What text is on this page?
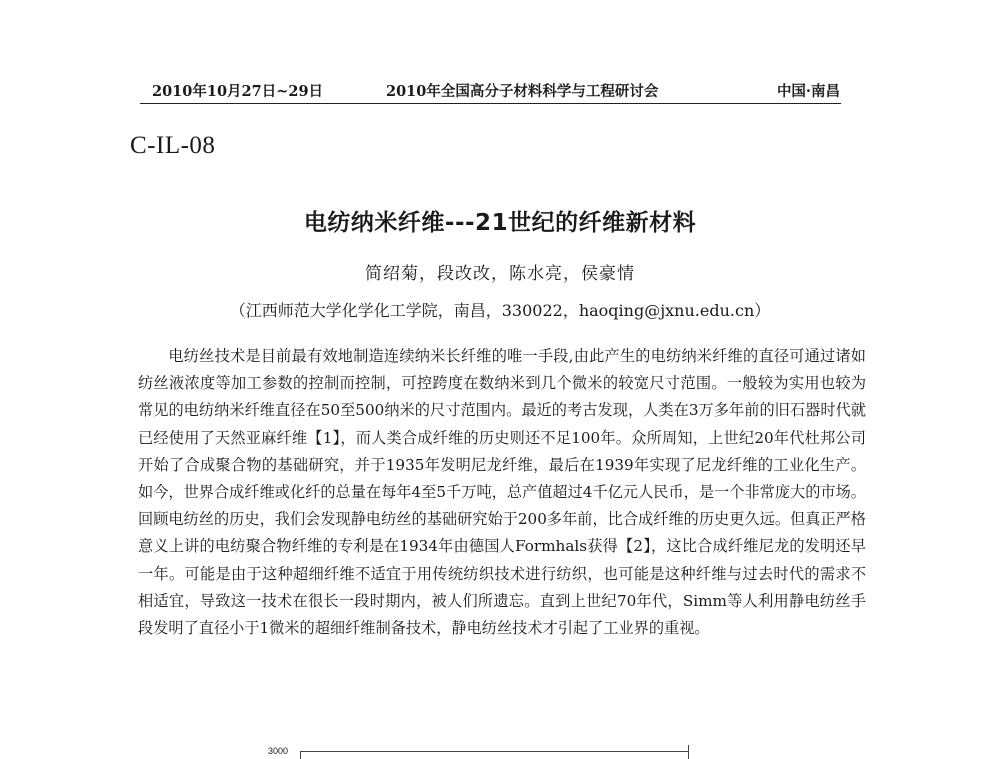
2010年10月27日~29日	2010年全国高分子材料科学与工程研讨会	中国·南昌
C-IL-08
电纺纳米纤维---21世纪的纤维新材料
简绍菊，段改改，陈水亮，侯豪情
（江西师范大学化学化工学院，南昌，330022，haoqing@jxnu.edu.cn）
电纺丝技术是目前最有效地制造连续纳米长纤维的唯一手段,由此产生的电纺纳米纤维的直径可通过诸如纺丝液浓度等加工参数的控制而控制，可控跨度在数纳米到几个微米的较宽尺寸范围。一般较为实用也较为常见的电纺纳米纤维直径在50至500纳米的尺寸范围内。最近的考古发现，人类在3万多年前的旧石器时代就已经使用了天然亚麻纤维【1】，而人类合成纤维的历史则还不足100年。众所周知，上世纪20年代杜邦公司开始了合成聚合物的基础研究，并于1935年发明尼龙纤维，最后在1939年实现了尼龙纤维的工业化生产。如今，世界合成纤维或化纤的总量在每年4至5千万吨，总产值超过4千亿元人民币，是一个非常庞大的市场。回顾电纺丝的历史，我们会发现静电纺丝的基础研究始于200多年前，比合成纤维的历史更久远。但真正严格意义上讲的电纺聚合物纤维的专利是在1934年由德国人Formhals获得【2】，这比合成纤维尼龙的发明还早一年。可能是由于这种超细纤维不适宜于用传统纺织技术进行纺织，也可能是这种纤维与过去时代的需求不相适宜，导致这一技术在很长一段时期内，被人们所遗忘。直到上世纪70年代，Simm等人利用静电纺丝手段发明了直径小于1微米的超细纤维制备技术，静电纺丝技术才引起了工业界的重视。
3000
